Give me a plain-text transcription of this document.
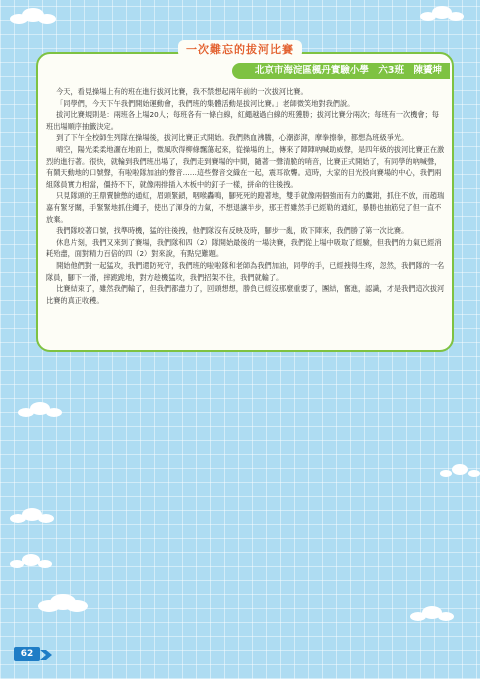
一次難忘的拔河比賽
北京市海淀區楓丹實驗小學　六3班　陳贇坤

今天，看見操場上有的班在進行拔河比賽，我不禁想起兩年前的一次拔河比賽。

「同學們，今天下午我們開始運動會，我們班的集體活動是拔河比賽。」老師微笑地對我們說。

拔河比賽規則是：兩班各上場20人；每班各有一條白線，紅繩越過白線的班獲勝；拔河比賽分兩次；每班有一次機會；每班出場順序抽籤決定。

到了下午全校師生列隊在操場後，拔河比賽正式開始。我們熱血沸騰，心潮澎湃，摩拳擦拳，都想為班級爭光。

晴空，陽光柔柔地灑在地面上，微風吹得柳條飄蕩起來，從操場的上，傳來了陣陣吶喊助威聲，是四年級的拔河比賽正在激烈的進行著。很快，就輪到我們班出場了，我們走到賽場的中間，隨著一聲清脆的哨音，比賽正式開始了，有同學的吶喊聲，有鬧天動地的口號聲，有啦啦隊加油的聲音……這些聲音交織在一起，震耳欲聾。這時，大家的目光投向賽場的中心，我們兩組隊員實力相當，僵持不下，就像兩排插入木板中的釘子一樣，拼命的往後拽。

只見隊頭的王鼎賣臉憋的通紅，眉頭緊鎖，咽喉轟鳴，腳死死的蹬著地，雙手就像兩個強而有力的鷹鉗，抓住不放，而趙瑞嘉有緊牙關，手緊緊地抓住繩子，使出了渾身的力氣，不想退讓半步，那王哲雖然手已經勒的通紅，暴勝也抽筋兒了但一直不放棄。

我們隊咬著口號，找準時機，猛的往後拽，他們隊沒有反映及時，腳步一亂，敗下陣來，我們勝了第一次比賽。

休息片刻，我們又來到了賽場，我們隊和四（2）隊開始最後的一場決賽，我們從上場中吸取了經驗，但我們的力氣已經消耗殆盡，面對精力百倍的四（2）對來說，有點兒難題。

開始他們對一起猛攻，我們還防死守，我們班的啦啦隊和老師為我們加油，同學的手，已經拽得生疼，忽然，我們隊的一名隊員，腳下一滑，摔跪跪地，對方趁機猛攻，我們招架不住，我們就輸了。

比賽結束了，雖然我們輸了，但我們都盡力了，回頭想想，勝負已經沒那麼重要了，團結，奮進，認識，才是我們這次拔河比賽的真正收穫。

62
